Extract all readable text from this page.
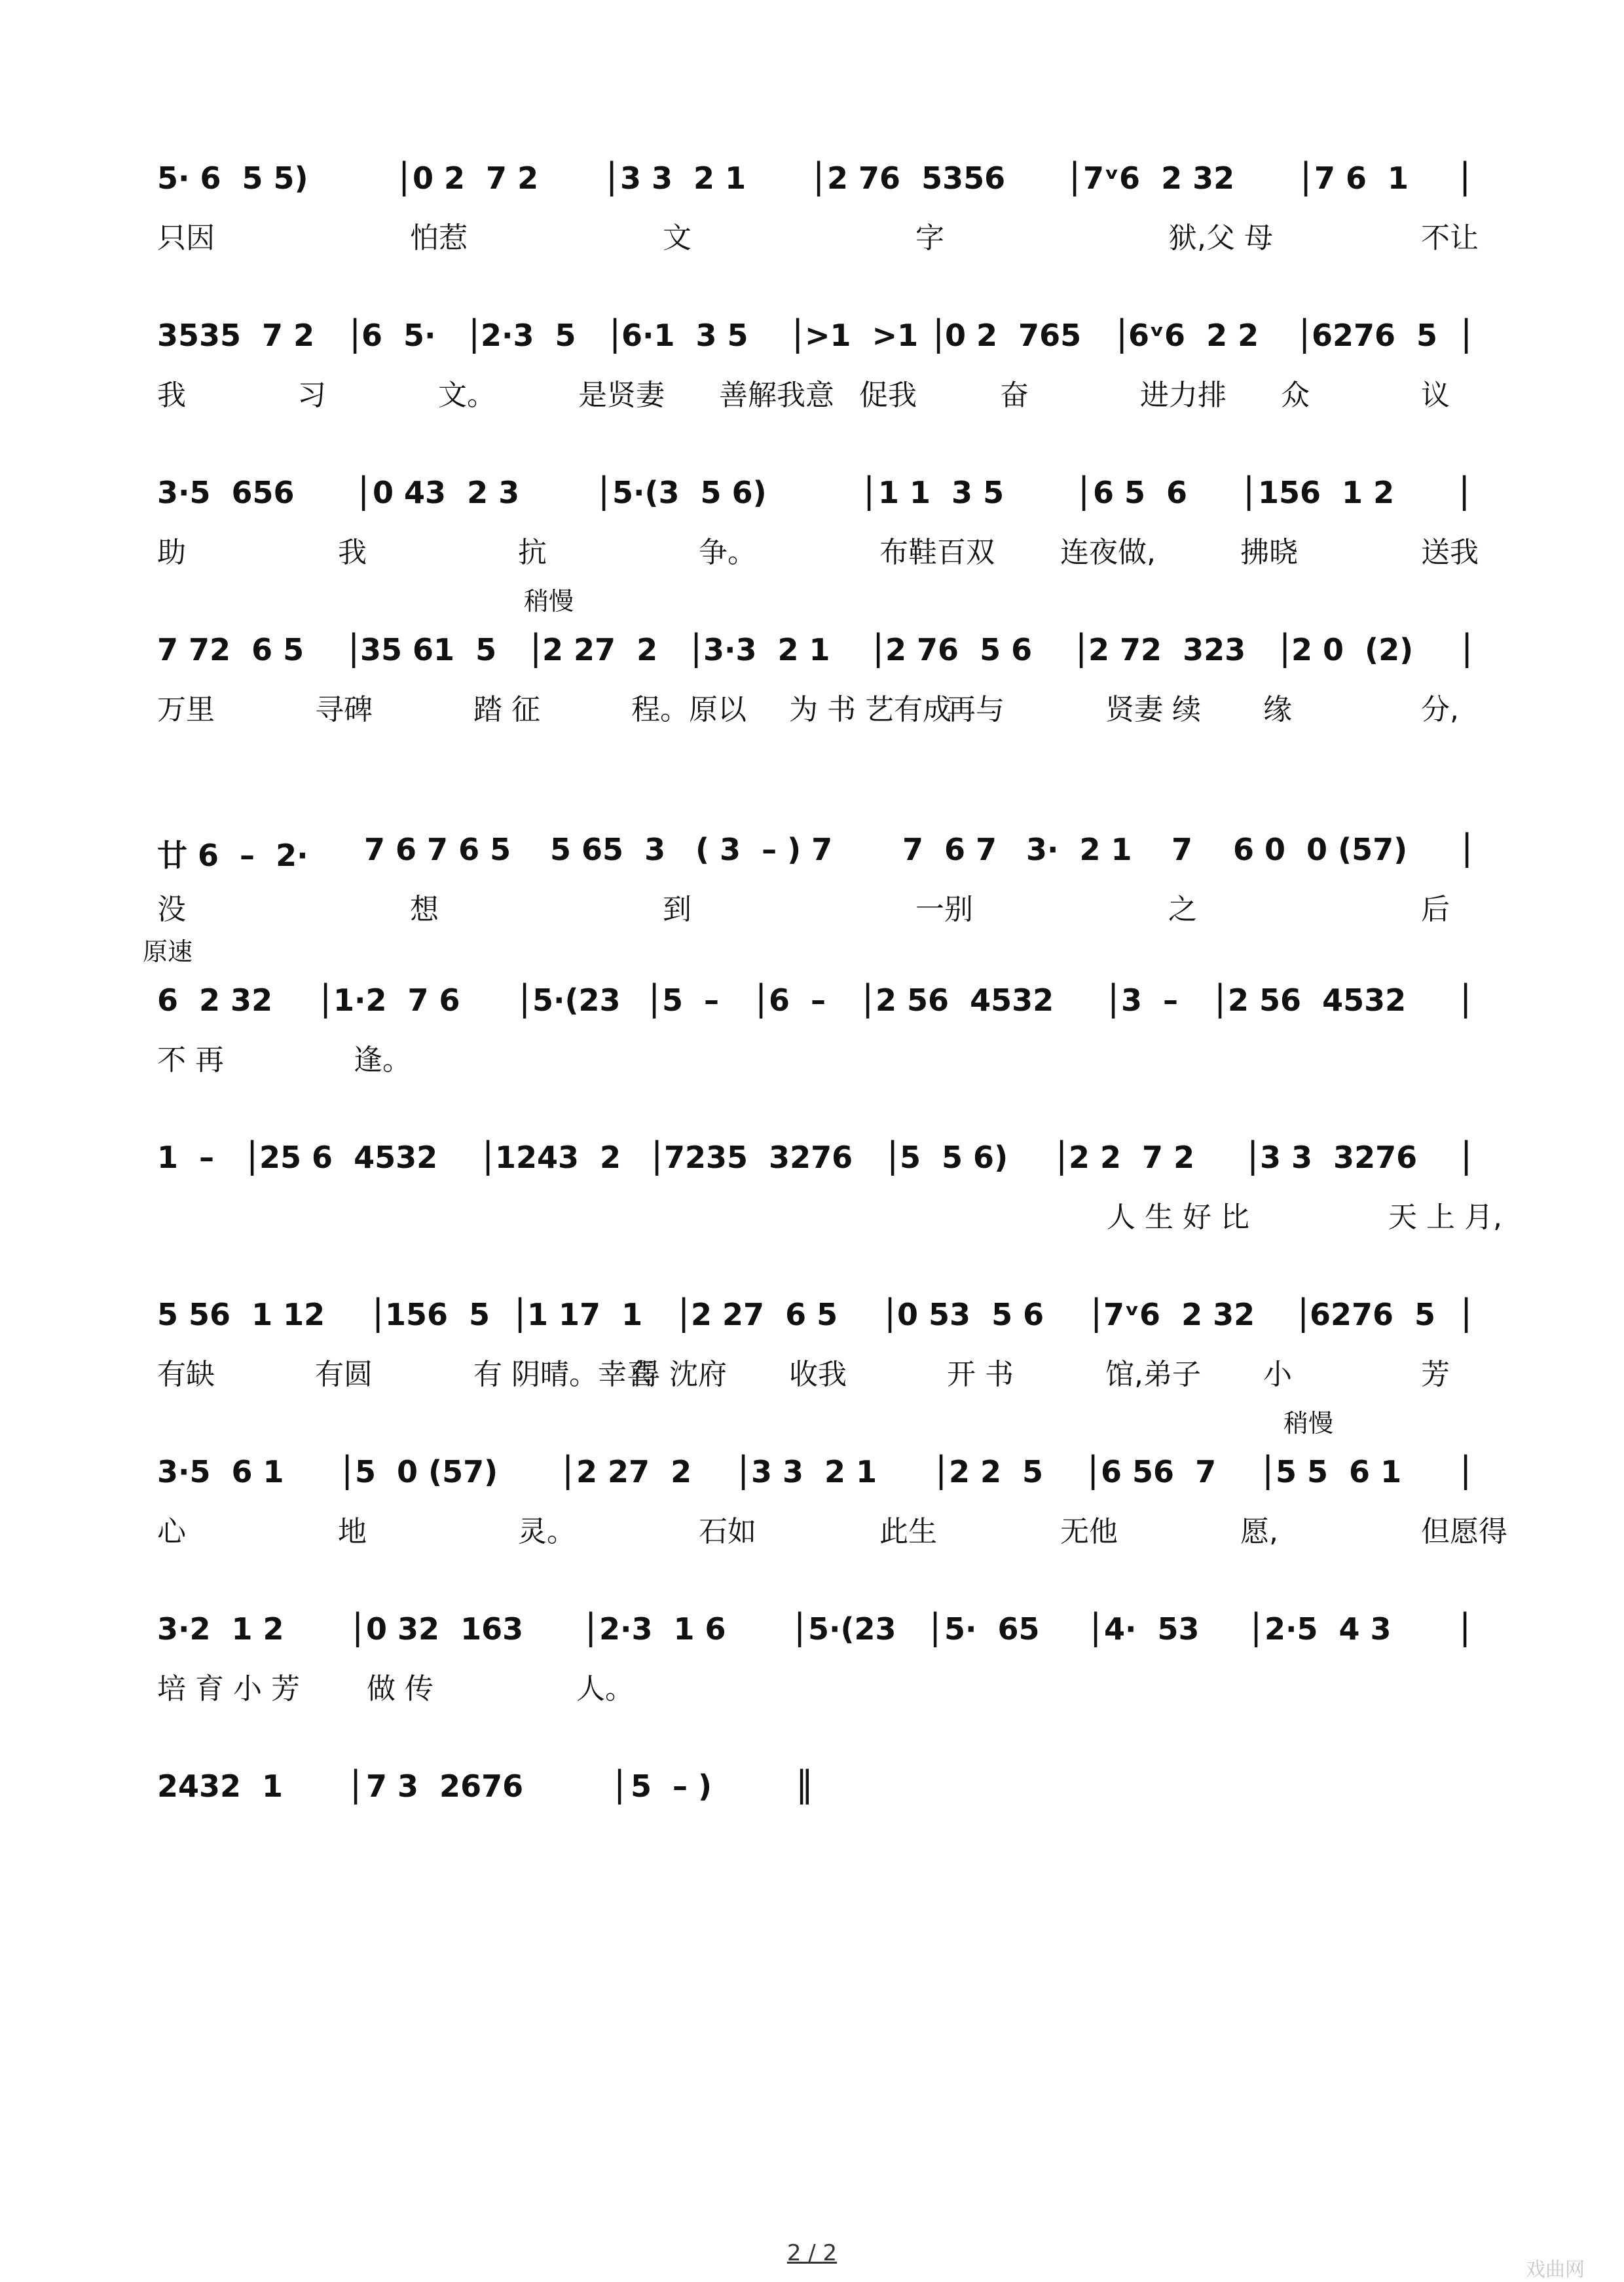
5· 6  5 5)	| 0 2  7 2 | 3 3  2 1 | 2 76  5356 | 7ᵛ6  2 32 | 7 6  1 |
只因	怕惹	文	字	狱,父 母	不让
3535  7 2 | 6  5· | 2·3  5 | 6·1  3 5 | >1  >1 | 0 2  765 | 6ᵛ6  2 2 | 6276  5 |
我	习	文。	是贤妻 善解我意 促我	奋	进力排 众	议
3·5  656 | 0 43  2 3 | 5·(3  5 6)	| 1 1  3 5 | 6 5  6 | 156  1 2 |
助	我	抗	争。	布鞋百双 连夜做,	拂晓	送我
稍慢
7 72  6 5 | 35 61  5 | 2 27  2 | 3·3  2 1 | 2 76  5 6 | 2 72  323 | 2 0  (2) |
万里	寻碑	踏 征	程。原以 为 书 艺有成
再与	贤妻 续 缘	分,
廿 6  –  2· 7 6 7 6 5 5 65  3 ( 3  – ) 7 7  6 7 3·  2 1 7 6 0  0 (57) |
没	想	到	一别	之	后
原速
6  2 32 | 1·2  7 6 | 5·(23 | 5  – | 6  – | 2 56  4532 | 3  – | 2 56  4532 |
不 再	逢。
1  – | 25 6  4532 | 1243  2 | 7235  3276 | 5  5 6) | 2 2  7 2 | 3 3  3276 |
人 生 好 比	天 上 月,
5 56  1 12 | 156  5 | 1 17  1 | 2 27  6 5 | 0 53  5 6 | 7ᵛ6  2 32 | 6276  5 |
有缺	有圆	有 阴晴。幸喜
得 沈府 收我	开 书	馆,弟子 小	芳
稍慢
3·5  6 1 | 5  0 (57) | 2 27  2 | 3 3  2 1 | 2 2  5 | 6 56  7 | 5 5  6 1 |
心	地	灵。	石如	此生	无他	愿,	但愿得
3·2  1 2 | 0 32  163 | 2·3  1 6 | 5·(23 | 5·  65 | 4·  53 | 2·5  4 3 |
培 育 小 芳 做 传	人。
2432  1 | 7 3  2676	| 5  – ) ‖
2 / 2
戏曲网
